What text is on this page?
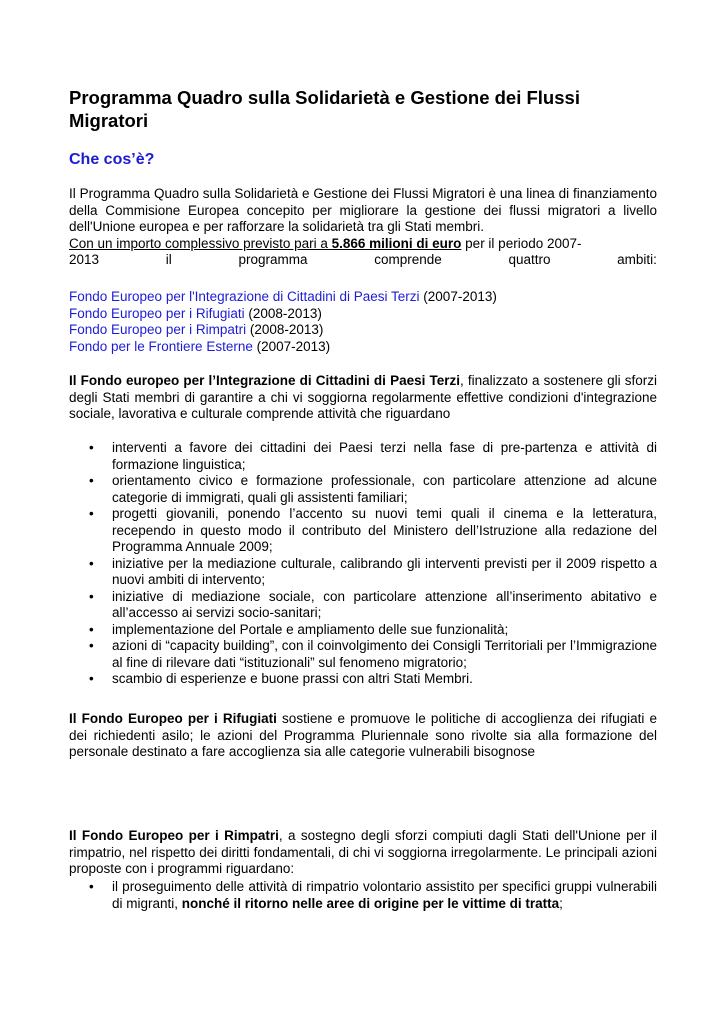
Programma Quadro sulla Solidarietà e Gestione dei Flussi Migratori
Che cos’è?
Il Programma Quadro sulla Solidarietà e Gestione dei Flussi Migratori è una linea di finanziamento della Commisione Europea concepito per migliorare la gestione dei flussi migratori a livello dell'Unione europea e per rafforzare la solidarietà tra gli Stati membri.
Con un importo complessivo previsto pari a 5.866 milioni di euro per il periodo 2007-
2013	il	programma	comprende	quattro	ambiti:
Fondo Europeo per l'Integrazione di Cittadini di Paesi Terzi (2007-2013)
Fondo Europeo per i Rifugiati (2008-2013)
Fondo Europeo per i Rimpatri (2008-2013)
Fondo per le Frontiere Esterne (2007-2013)
Il Fondo europeo per l’Integrazione di Cittadini di Paesi Terzi, finalizzato a sostenere gli sforzi degli Stati membri di garantire a chi vi soggiorna regolarmente effettive condizioni d'integrazione sociale, lavorativa e culturale comprende attività che riguardano
• interventi a favore dei cittadini dei Paesi terzi nella fase di pre-partenza e attività di formazione linguistica;
• orientamento civico e formazione professionale, con particolare attenzione ad alcune categorie di immigrati, quali gli assistenti familiari;
• progetti giovanili, ponendo l’accento su nuovi temi quali il cinema e la letteratura, recependo in questo modo il contributo del Ministero dell’Istruzione alla redazione del Programma Annuale 2009;
• iniziative per la mediazione culturale, calibrando gli interventi previsti per il 2009 rispetto a nuovi ambiti di intervento;
• iniziative di mediazione sociale, con particolare attenzione all’inserimento abitativo e all’accesso ai servizi socio-sanitari;
• implementazione del Portale e ampliamento delle sue funzionalità;
• azioni di “capacity building”, con il coinvolgimento dei Consigli Territoriali per l’Immigrazione al fine di rilevare dati “istituzionali” sul fenomeno migratorio;
• scambio di esperienze e buone prassi con altri Stati Membri.
Il Fondo Europeo per i Rifugiati sostiene e promuove le politiche di accoglienza dei rifugiati e dei richiedenti asilo; le azioni del Programma Pluriennale sono rivolte sia alla formazione del personale destinato a fare accoglienza sia alle categorie vulnerabili bisognose
Il Fondo Europeo per i Rimpatri, a sostegno degli sforzi compiuti dagli Stati dell'Unione per il rimpatrio, nel rispetto dei diritti fondamentali, di chi vi soggiorna irregolarmente. Le principali azioni proposte con i programmi riguardano:
• il proseguimento delle attività di rimpatrio volontario assistito per specifici gruppi vulnerabili di migranti, nonché il ritorno nelle aree di origine per le vittime di tratta;
